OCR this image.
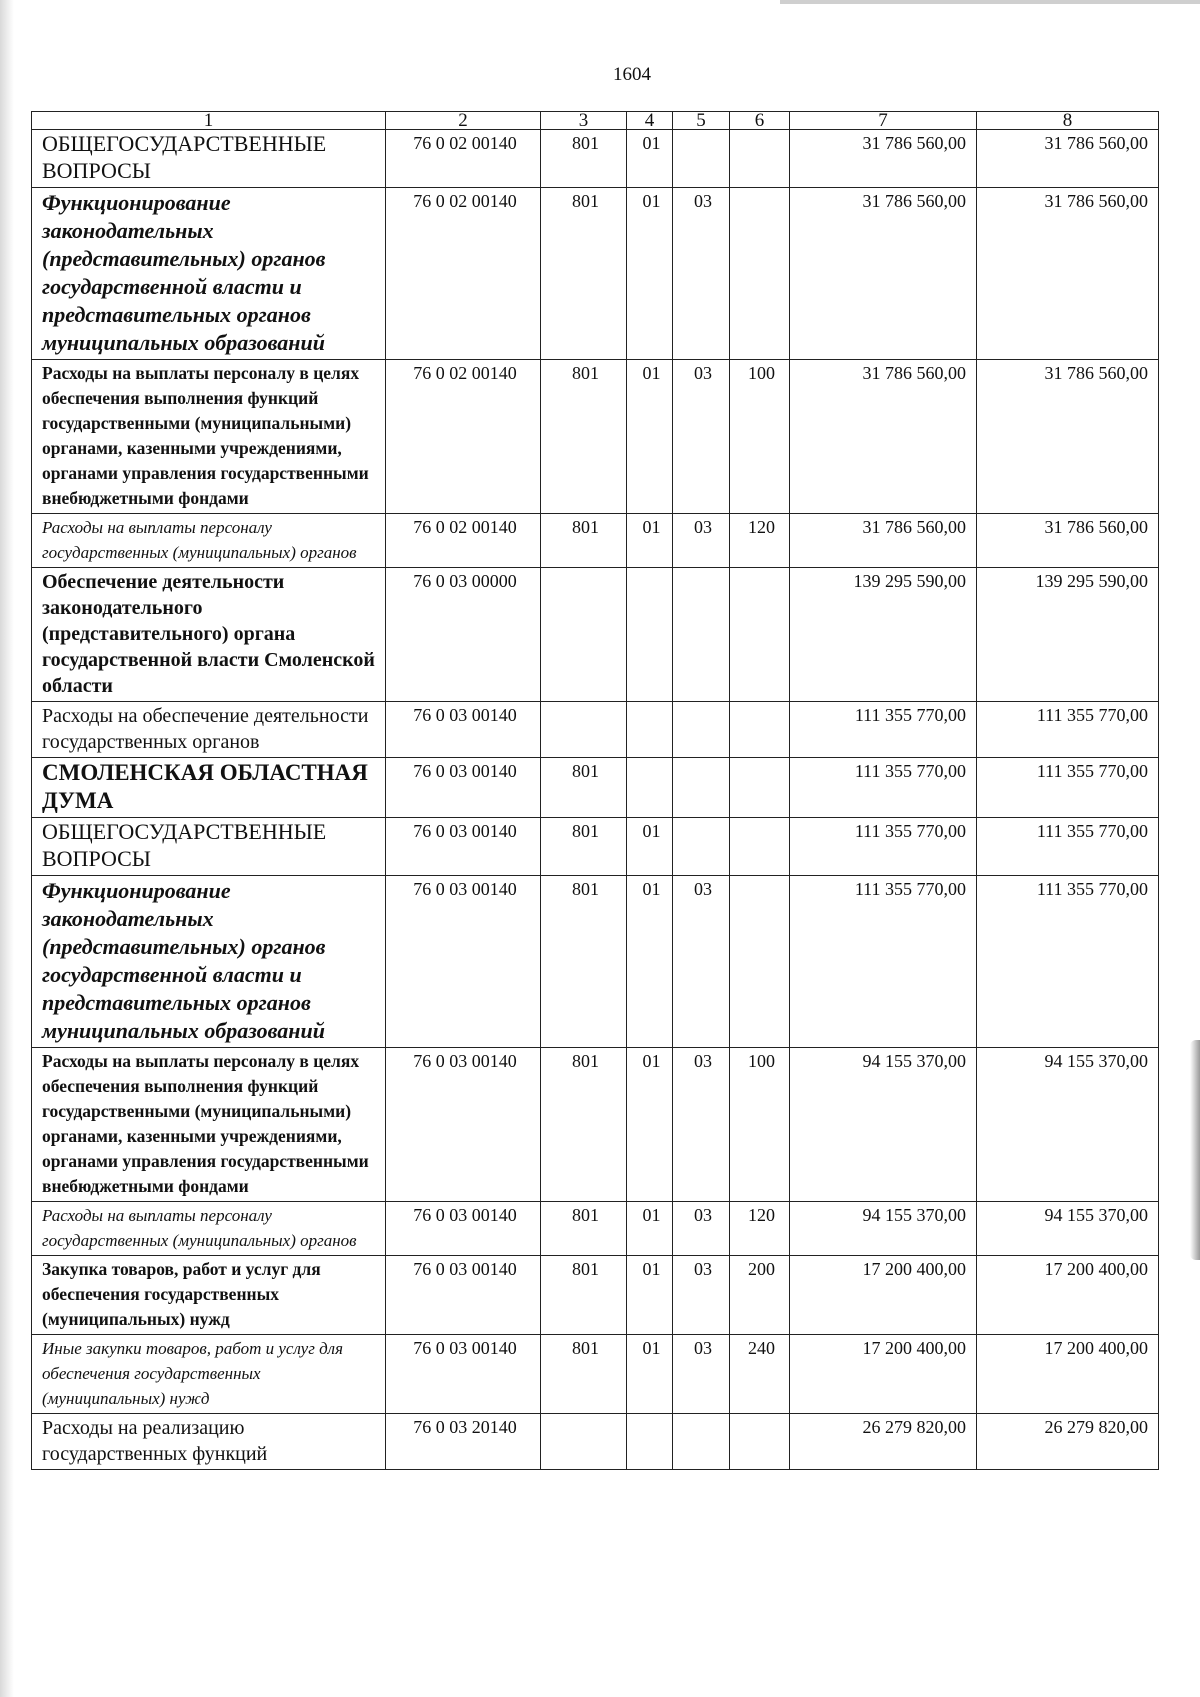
1604
1	2	3	4	5	6	7	8
ОБЩЕГОСУДАРСТВЕННЫЕ ВОПРОСЫ	76 0 02 00140	801	01			31 786 560,00	31 786 560,00
Функционирование законодательных (представительных) органов государственной власти и представительных органов муниципальных образований	76 0 02 00140	801	01	03		31 786 560,00	31 786 560,00
Расходы на выплаты персоналу в целях обеспечения выполнения функций государственными (муниципальными) органами, казенными учреждениями, органами управления государственными внебюджетными фондами	76 0 02 00140	801	01	03	100	31 786 560,00	31 786 560,00
Расходы на выплаты персоналу государственных (муниципальных) органов	76 0 02 00140	801	01	03	120	31 786 560,00	31 786 560,00
Обеспечение деятельности законодательного (представительного) органа государственной власти Смоленской области	76 0 03 00000					139 295 590,00	139 295 590,00
Расходы на обеспечение деятельности государственных органов	76 0 03 00140					111 355 770,00	111 355 770,00
СМОЛЕНСКАЯ ОБЛАСТНАЯ ДУМА	76 0 03 00140	801				111 355 770,00	111 355 770,00
ОБЩЕГОСУДАРСТВЕННЫЕ ВОПРОСЫ	76 0 03 00140	801	01			111 355 770,00	111 355 770,00
Функционирование законодательных (представительных) органов государственной власти и представительных органов муниципальных образований	76 0 03 00140	801	01	03		111 355 770,00	111 355 770,00
Расходы на выплаты персоналу в целях обеспечения выполнения функций государственными (муниципальными) органами, казенными учреждениями, органами управления государственными внебюджетными фондами	76 0 03 00140	801	01	03	100	94 155 370,00	94 155 370,00
Расходы на выплаты персоналу государственных (муниципальных) органов	76 0 03 00140	801	01	03	120	94 155 370,00	94 155 370,00
Закупка товаров, работ и услуг для обеспечения государственных (муниципальных) нужд	76 0 03 00140	801	01	03	200	17 200 400,00	17 200 400,00
Иные закупки товаров, работ и услуг для обеспечения государственных (муниципальных) нужд	76 0 03 00140	801	01	03	240	17 200 400,00	17 200 400,00
Расходы на реализацию государственных функций	76 0 03 20140					26 279 820,00	26 279 820,00
